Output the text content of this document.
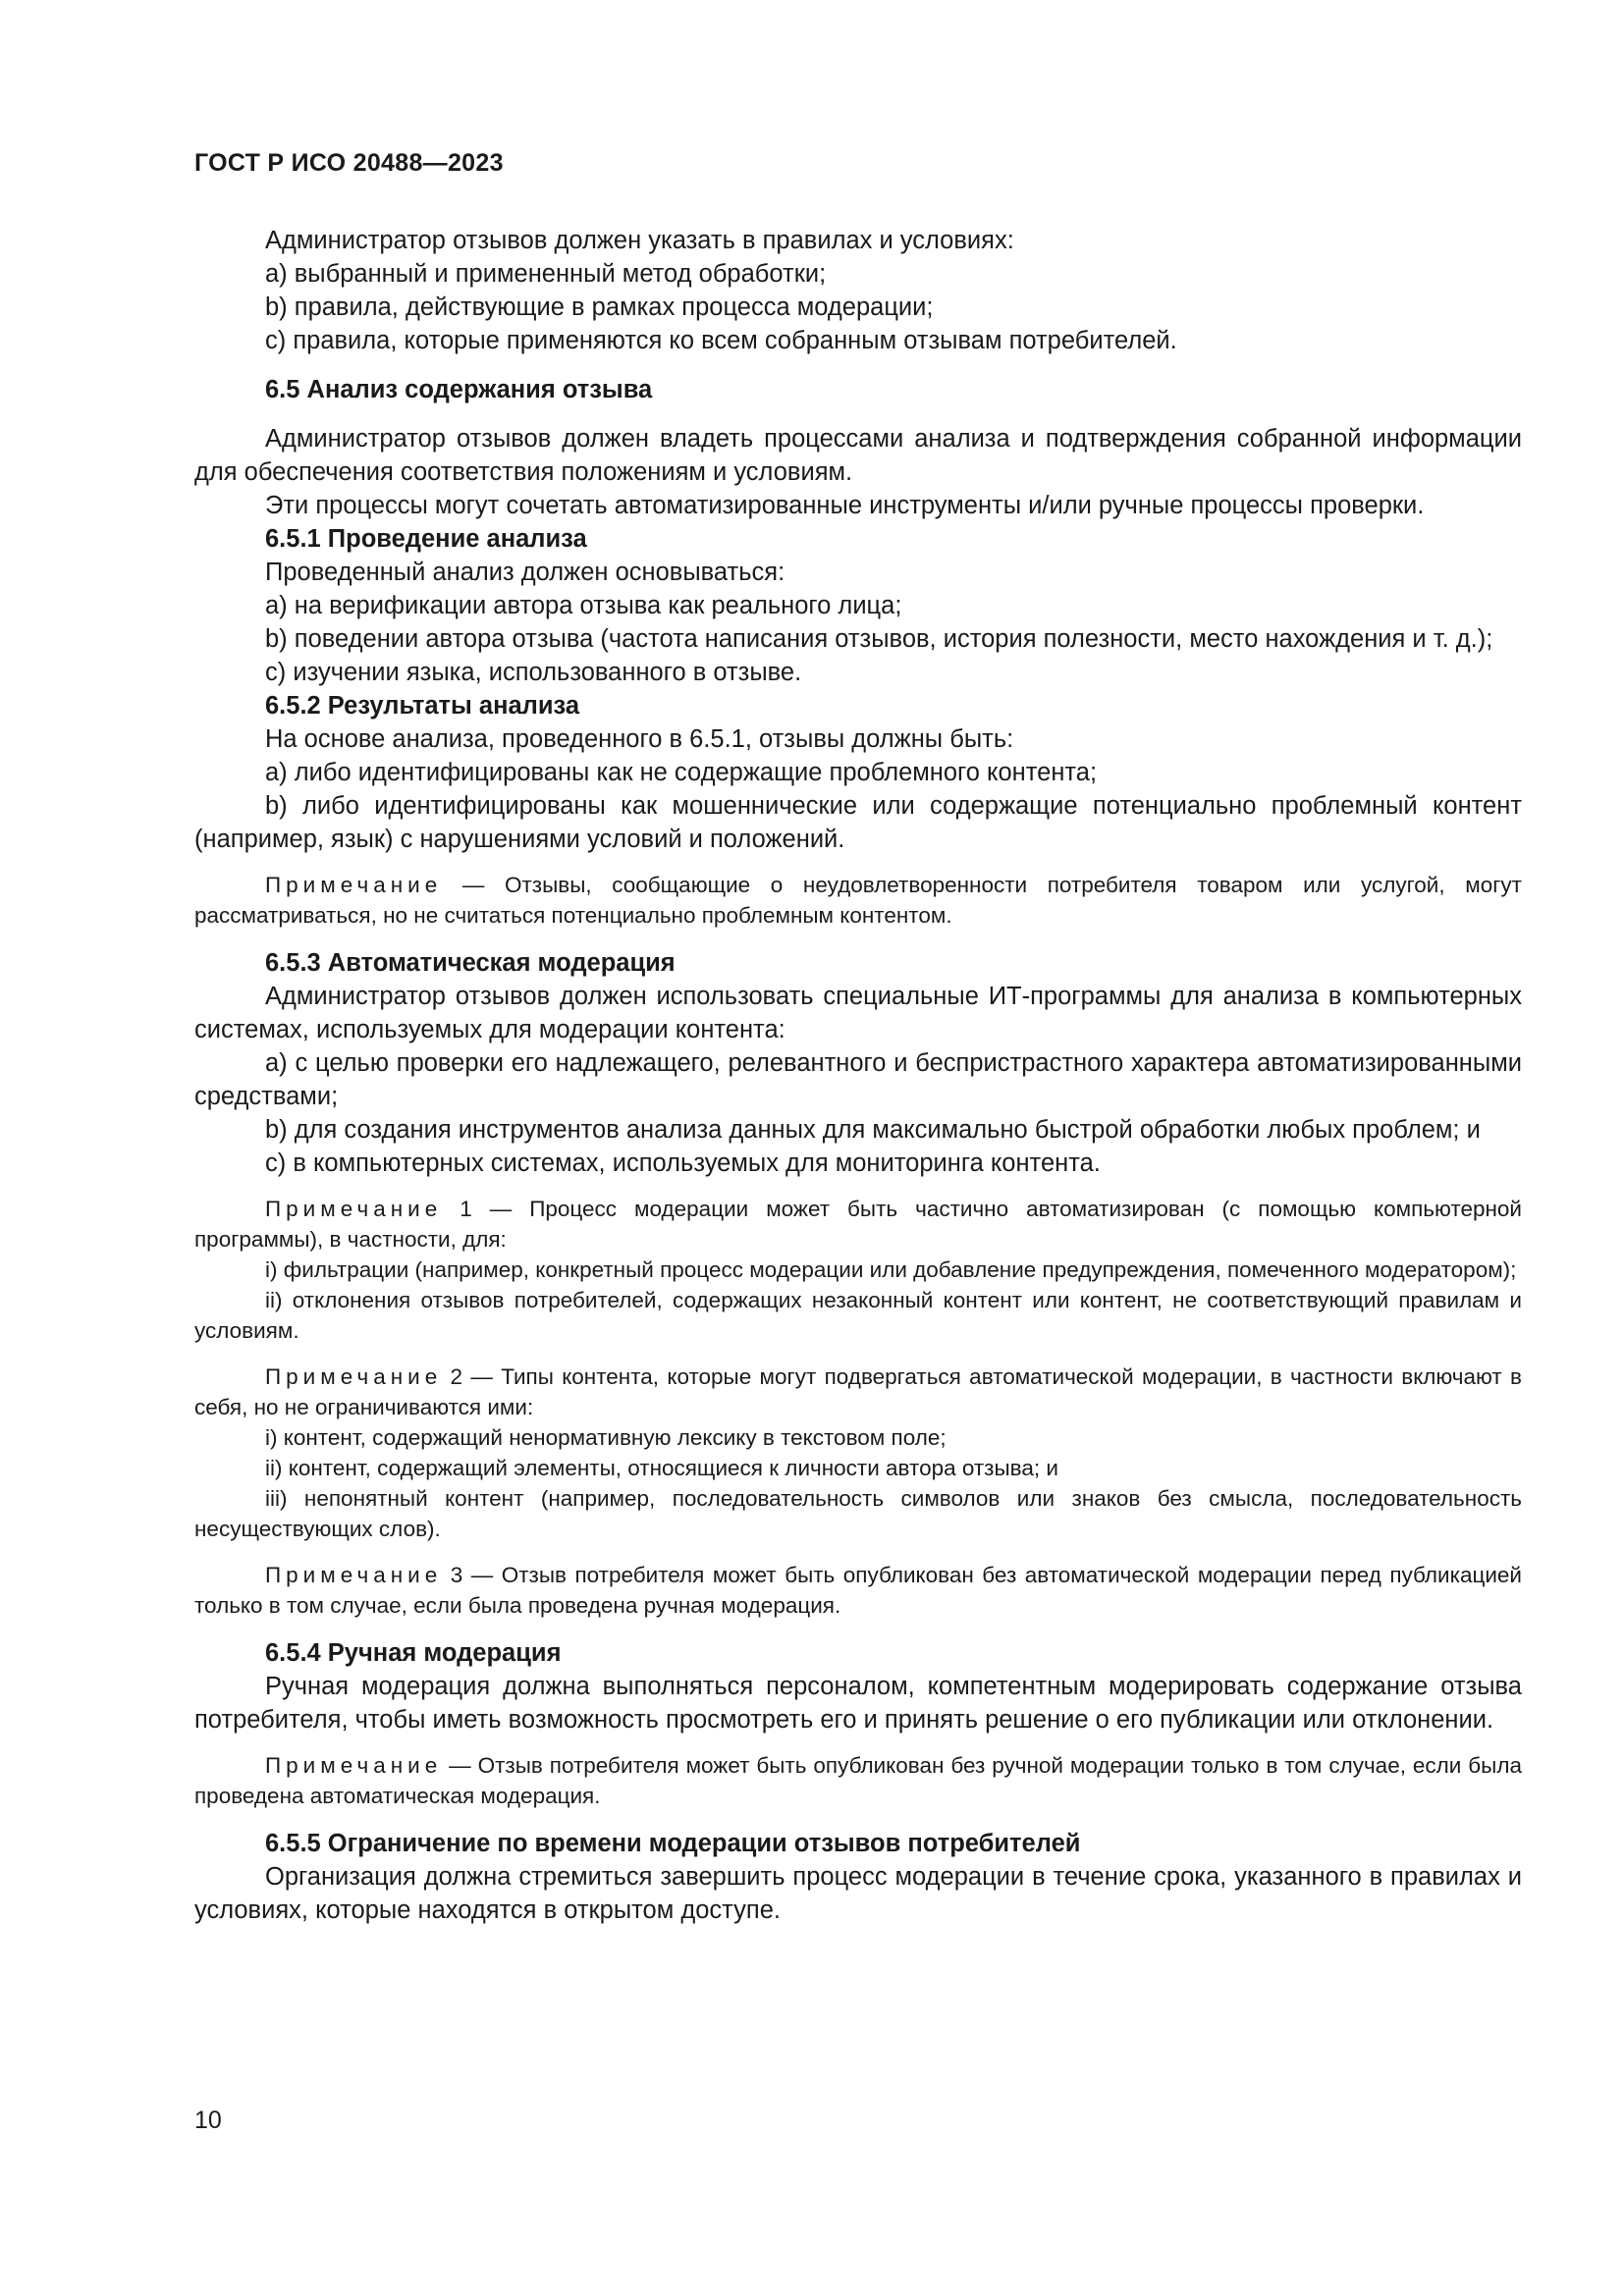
ГОСТ Р ИСО 20488—2023

Администратор отзывов должен указать в правилах и условиях:

a) выбранный и примененный метод обработки;

b) правила, действующие в рамках процесса модерации;

c) правила, которые применяются ко всем собранным отзывам потребителей.

6.5 Анализ содержания отзыва

Администратор отзывов должен владеть процессами анализа и подтверждения собранной информации для обеспечения соответствия положениям и условиям.

Эти процессы могут сочетать автоматизированные инструменты и/или ручные процессы проверки.

6.5.1 Проведение анализа

Проведенный анализ должен основываться:

a) на верификации автора отзыва как реального лица;

b) поведении автора отзыва (частота написания отзывов, история полезности, место нахождения и т. д.);

c) изучении языка, использованного в отзыве.

6.5.2 Результаты анализа

На основе анализа, проведенного в 6.5.1, отзывы должны быть:

a) либо идентифицированы как не содержащие проблемного контента;

b) либо идентифицированы как мошеннические или содержащие потенциально проблемный контент (например, язык) с нарушениями условий и положений.

Примечание — Отзывы, сообщающие о неудовлетворенности потребителя товаром или услугой, могут рассматриваться, но не считаться потенциально проблемным контентом.

6.5.3 Автоматическая модерация

Администратор отзывов должен использовать специальные ИТ-программы для анализа в компьютерных системах, используемых для модерации контента:

a) с целью проверки его надлежащего, релевантного и беспристрастного характера автоматизированными средствами;

b) для создания инструментов анализа данных для максимально быстрой обработки любых проблем; и

c) в компьютерных системах, используемых для мониторинга контента.

Примечание 1 — Процесс модерации может быть частично автоматизирован (с помощью компьютерной программы), в частности, для:

i) фильтрации (например, конкретный процесс модерации или добавление предупреждения, помеченного модератором);

ii) отклонения отзывов потребителей, содержащих незаконный контент или контент, не соответствующий правилам и условиям.

Примечание 2 — Типы контента, которые могут подвергаться автоматической модерации, в частности включают в себя, но не ограничиваются ими:

i) контент, содержащий ненормативную лексику в текстовом поле;

ii) контент, содержащий элементы, относящиеся к личности автора отзыва; и

iii) непонятный контент (например, последовательность символов или знаков без смысла, последовательность несуществующих слов).

Примечание 3 — Отзыв потребителя может быть опубликован без автоматической модерации перед публикацией только в том случае, если была проведена ручная модерация.

6.5.4 Ручная модерация

Ручная модерация должна выполняться персоналом, компетентным модерировать содержание отзыва потребителя, чтобы иметь возможность просмотреть его и принять решение о его публикации или отклонении.

Примечание — Отзыв потребителя может быть опубликован без ручной модерации только в том случае, если была проведена автоматическая модерация.

6.5.5 Ограничение по времени модерации отзывов потребителей

Организация должна стремиться завершить процесс модерации в течение срока, указанного в правилах и условиях, которые находятся в открытом доступе.

10
